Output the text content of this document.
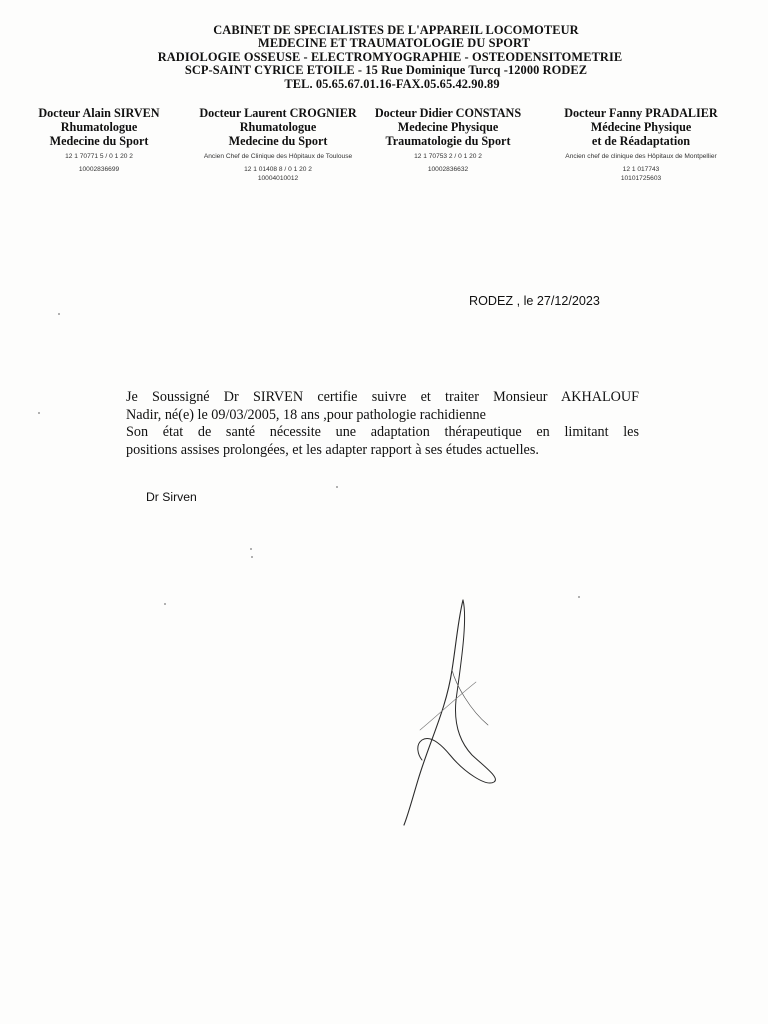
CABINET DE SPECIALISTES DE L'APPAREIL LOCOMOTEUR
MEDECINE ET TRAUMATOLOGIE DU SPORT
RADIOLOGIE OSSEUSE - ELECTROMYOGRAPHIE - OSTEODENSITOMETRIE
SCP-SAINT CYRICE ETOILE - 15 Rue Dominique Turcq -12000 RODEZ
TEL. 05.65.67.01.16-FAX.05.65.42.90.89
Docteur Alain SIRVEN
Rhumatologue
Medecine du Sport
12 1 70771 5 / 0 1 20 2
10002836699
Docteur Laurent CROGNIER
Rhumatologue
Medecine du Sport
Ancien Chef de Clinique des Hôpitaux de Toulouse
12 1 01408 8 / 0 1 20 2
10004010012
Docteur Didier CONSTANS
Medecine Physique
Traumatologie du Sport
12 1 70753 2 / 0 1 20 2
10002836632
Docteur Fanny PRADALIER
Médecine Physique
et de Réadaptation
Ancien chef de clinique des Hôpitaux de Montpellier
12 1 017743
10101725603
RODEZ , le 27/12/2023
Je Soussigné Dr SIRVEN certifie suivre et traiter Monsieur AKHALOUF
Nadir, né(e) le 09/03/2005, 18 ans ,pour pathologie rachidienne
Son état de santé nécessite une adaptation thérapeutique en limitant les
positions assises prolongées, et les adapter rapport à ses études actuelles.
Dr Sirven
